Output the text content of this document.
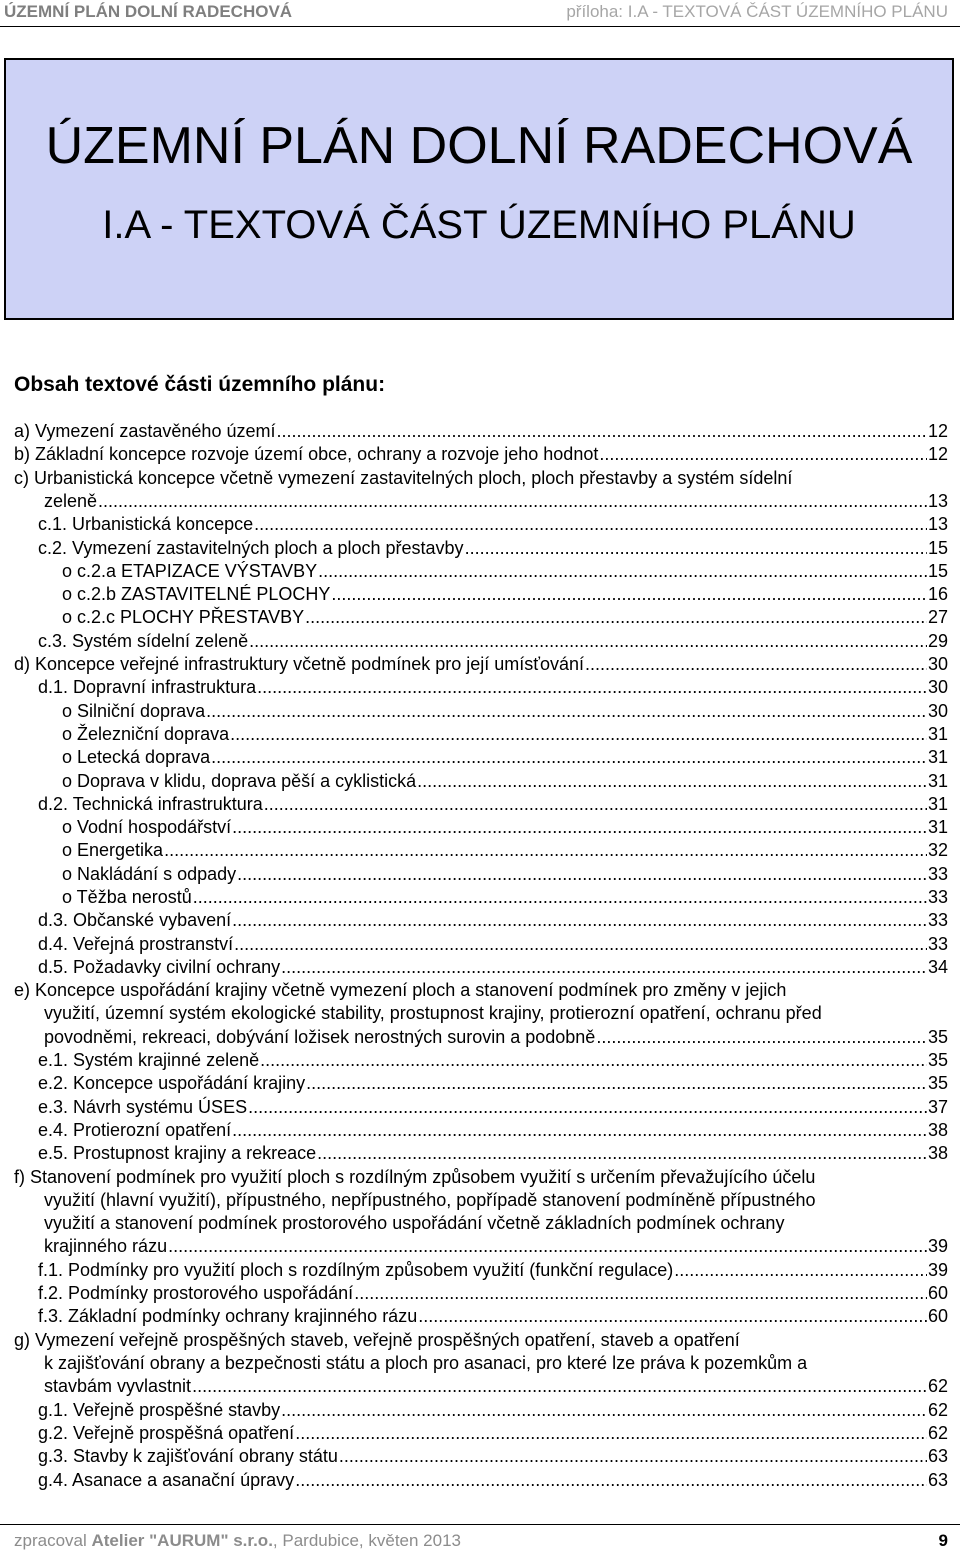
ÚZEMNÍ PLÁN DOLNÍ RADECHOVÁ	příloha: I.A - TEXTOVÁ ČÁST ÚZEMNÍHO PLÁNU
ÚZEMNÍ PLÁN DOLNÍ RADECHOVÁ
I.A - TEXTOVÁ ČÁST ÚZEMNÍHO PLÁNU
Obsah textové části územního plánu:
a) Vymezení zastavěného území .....	12
b) Základní koncepce rozvoje území obce, ochrany a rozvoje jeho hodnot .....	12
c) Urbanistická koncepce včetně vymezení zastavitelných ploch, ploch přestavby a systém sídelní
zeleně .....	13
c.1. Urbanistická koncepce .....	13
c.2. Vymezení zastavitelných ploch a ploch přestavby .....	15
o c.2.a ETAPIZACE VÝSTAVBY .....	15
o c.2.b ZASTAVITELNÉ PLOCHY .....	16
o c.2.c PLOCHY PŘESTAVBY .....	27
c.3. Systém sídelní zeleně .....	29
d) Koncepce veřejné infrastruktury včetně podmínek pro její umísťování .....	30
d.1. Dopravní infrastruktura .....	30
o Silniční doprava .....	30
o Železniční doprava .....	31
o Letecká doprava .....	31
o Doprava v klidu, doprava pěší a cyklistická .....	31
d.2. Technická infrastruktura .....	31
o Vodní hospodářství .....	31
o Energetika .....	32
o Nakládání s odpady .....	33
o Těžba nerostů .....	33
d.3. Občanské vybavení .....	33
d.4. Veřejná prostranství .....	33
d.5. Požadavky civilní ochrany .....	34
e) Koncepce uspořádání krajiny včetně vymezení ploch a stanovení podmínek pro změny v jejich
využití, územní systém ekologické stability, prostupnost krajiny, protierozní opatření, ochranu před
povodněmi, rekreaci, dobývání ložisek nerostných surovin a podobně .....	35
e.1. Systém krajinné zeleně .....	35
e.2. Koncepce uspořádání krajiny .....	35
e.3. Návrh systému ÚSES .....	37
e.4. Protierozní opatření .....	38
e.5. Prostupnost krajiny a rekreace .....	38
f) Stanovení podmínek pro využití ploch s rozdílným způsobem využití s určením převažujícího účelu
využití (hlavní využití), přípustného, nepřípustného, popřípadě stanovení podmíněně přípustného
využití a stanovení podmínek prostorového uspořádání včetně základních podmínek ochrany
krajinného rázu .....	39
f.1. Podmínky pro využití ploch s rozdílným způsobem využití (funkční regulace) .....	39
f.2. Podmínky prostorového uspořádání .....	60
f.3. Základní podmínky ochrany krajinného rázu .....	60
g) Vymezení veřejně prospěšných staveb, veřejně prospěšných opatření, staveb a opatření
k zajišťování obrany a bezpečnosti státu a ploch pro asanaci, pro které lze práva k pozemkům a
stavbám vyvlastnit .....	62
g.1. Veřejně prospěšné stavby .....	62
g.2. Veřejně prospěšná opatření .....	62
g.3. Stavby k zajišťování obrany státu .....	63
g.4. Asanace a asanační úpravy .....	63
zpracoval Atelier "AURUM" s.r.o., Pardubice, květen 2013	9
